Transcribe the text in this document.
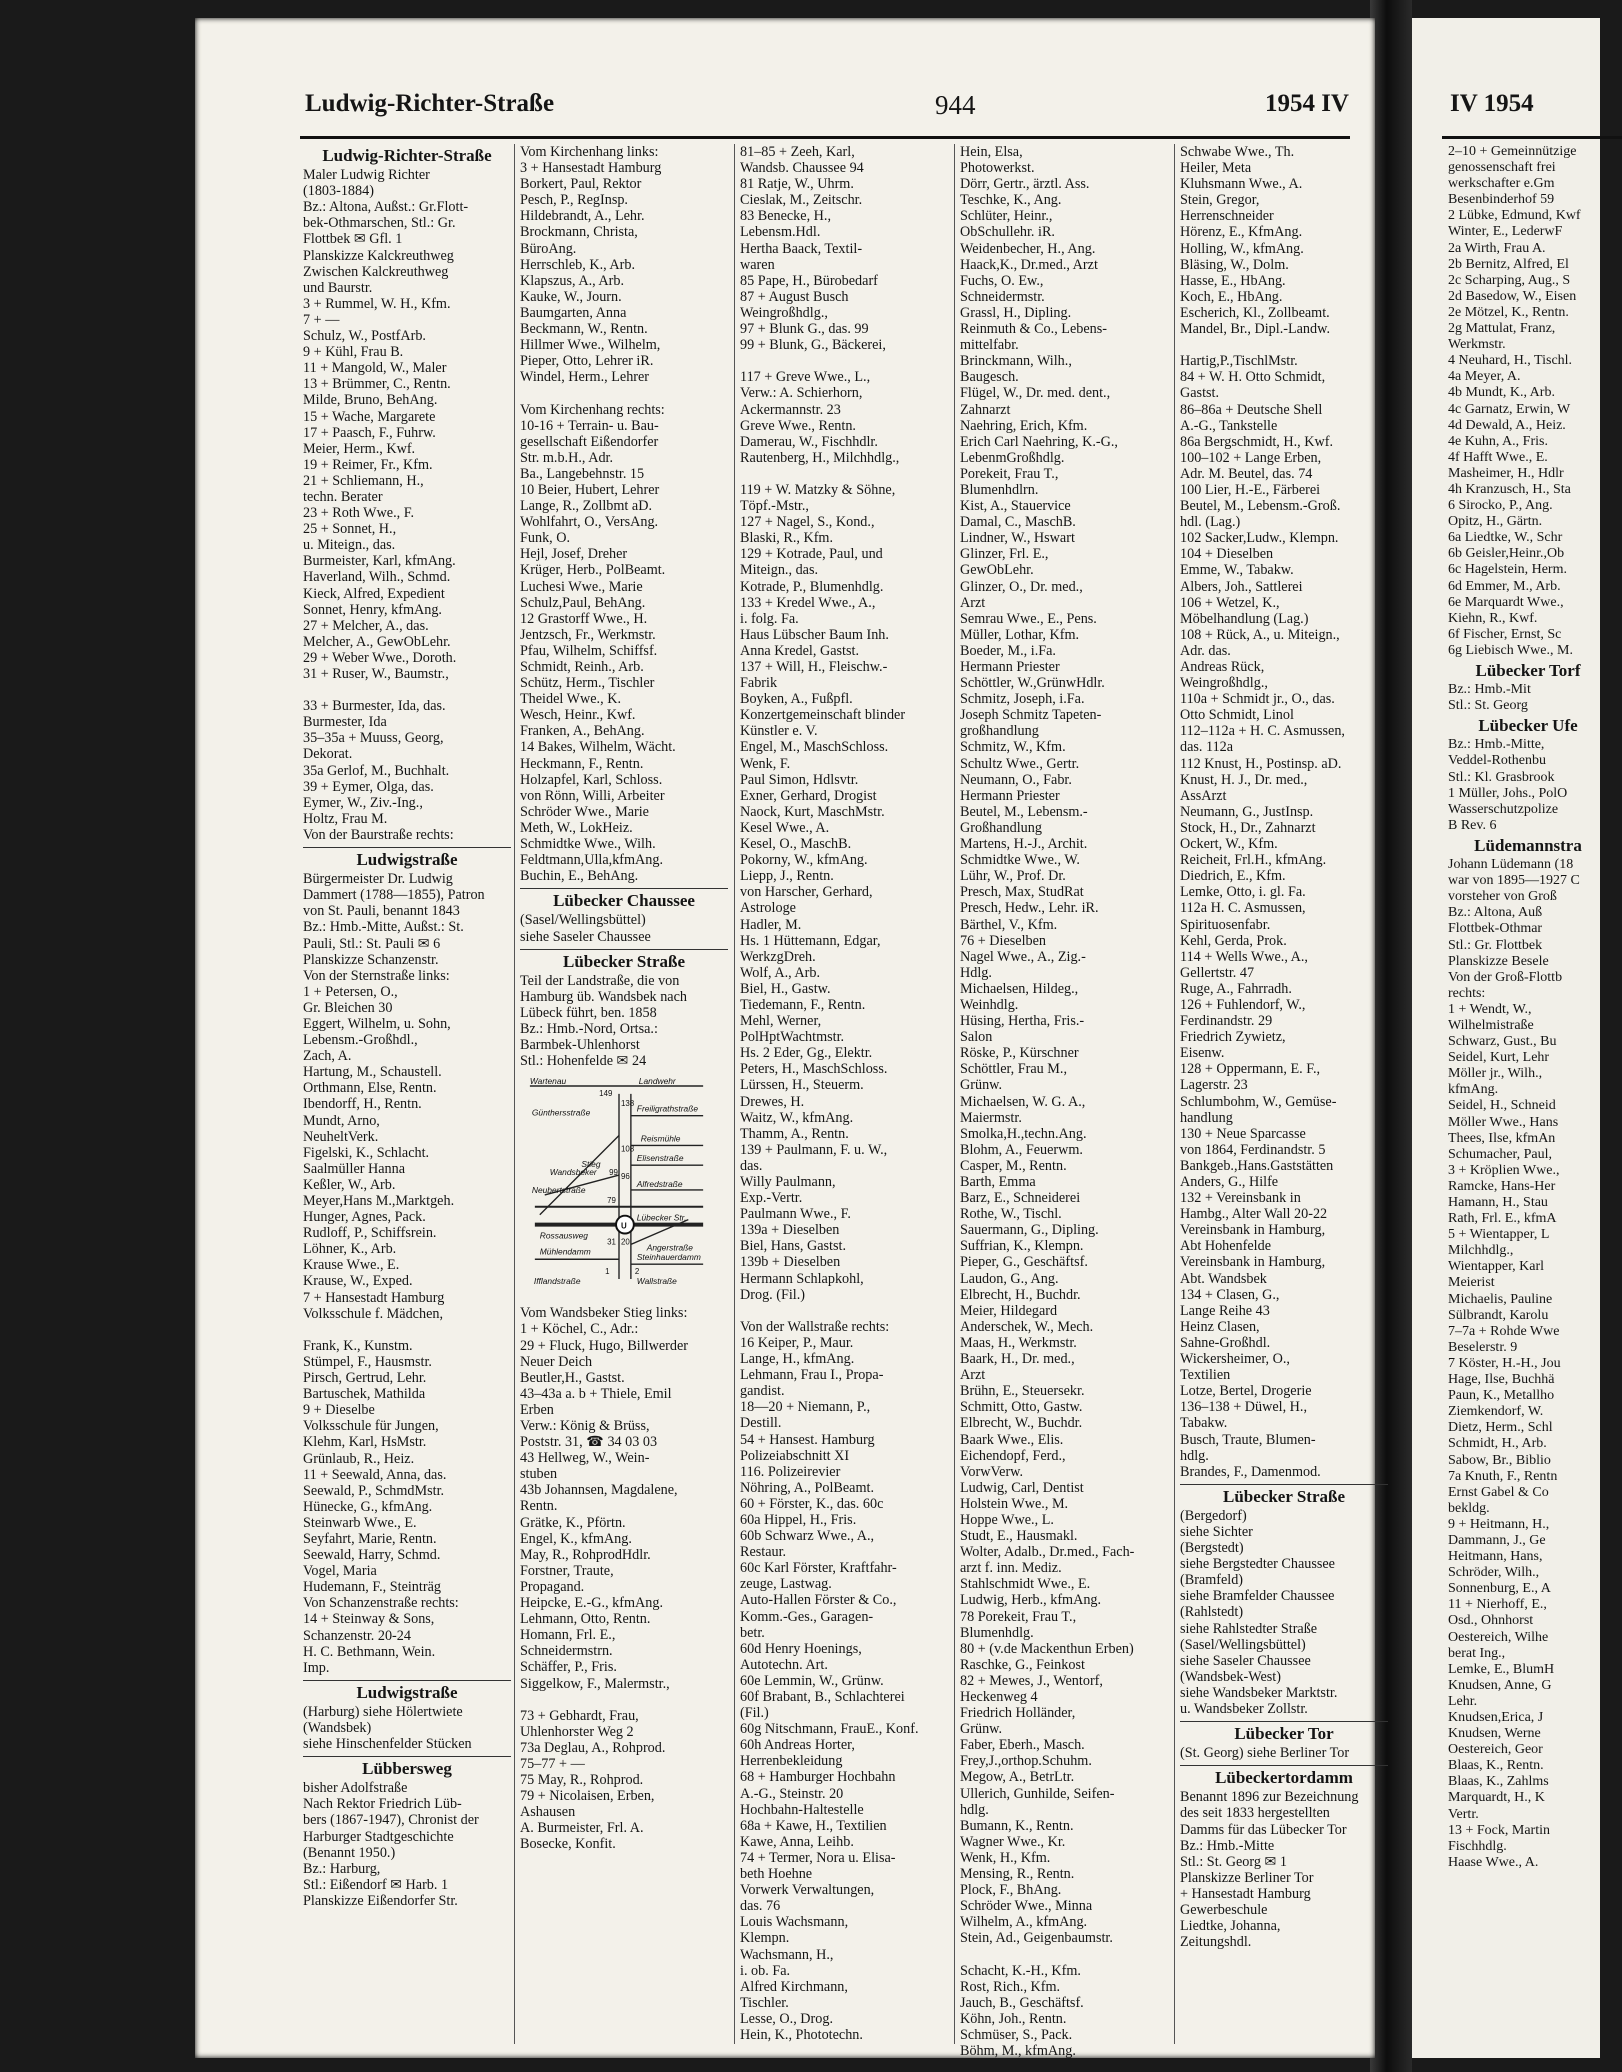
Ludwig-Richter-Straße	944	1954 IV
Ludwig-Richter-Straße
Maler Ludwig Richter
(1803-1884)
Bz.: Altona, Außst.: Gr.Flott-
bek-Othmarschen, Stl.: Gr.
Flottbek ✉ Gfl. 1
Planskizze Kalckreuthweg
Zwischen Kalckreuthweg
und Baurstr.
3 + Rummel, W. H., Kfm.
7 + —
Schulz, W., PostfArb.
9 + Kühl, Frau B.
11 + Mangold, W., Maler
13 + Brümmer, C., Rentn.
Milde, Bruno, BehAng.
15 + Wache, Margarete
17 + Paasch, F., Fuhrw.
Meier, Herm., Kwf.
19 + Reimer, Fr., Kfm.
21 + Schliemann, H.,
techn. Berater
23 + Roth Wwe., F.
25 + Sonnet, H.,
u. Miteign., das.
Burmeister, Karl, kfmAng.
Haverland, Wilh., Schmd.
Kieck, Alfred, Expedient
Sonnet, Henry, kfmAng.
27 + Melcher, A., das.
Melcher, A., GewObLehr.
29 + Weber Wwe., Doroth.
31 + Ruser, W., Baumstr.,

33 + Burmester, Ida, das.
Burmester, Ida
35–35a + Muuss, Georg,
Dekorat.
35a Gerlof, M., Buchhalt.
39 + Eymer, Olga, das.
Eymer, W., Ziv.-Ing.,
Holtz, Frau M.
Von der Baurstraße rechts:
Ludwigstraße
Bürgermeister Dr. Ludwig
Dammert (1788—1855), Patron
von St. Pauli, benannt 1843
Bz.: Hmb.-Mitte, Außst.: St.
Pauli, Stl.: St. Pauli ✉ 6
Planskizze Schanzenstr.
Von der Sternstraße links:
1 + Petersen, O.,
Gr. Bleichen 30
Eggert, Wilhelm, u. Sohn,
Lebensm.-Großhdl.,
Zach, A.
Hartung, M., Schaustell.
Orthmann, Else, Rentn.
Ibendorff, H., Rentn.
Mundt, Arno,
NeuheltVerk.
Figelski, K., Schlacht.
Saalmüller Hanna
Keßler, W., Arb.
Meyer,Hans M.,Marktgeh.
Hunger, Agnes, Pack.
Rudloff, P., Schiffsrein.
Löhner, K., Arb.
Krause Wwe., E.
Krause, W., Exped.
7 + Hansestadt Hamburg
Volksschule f. Mädchen,

Frank, K., Kunstm.
Stümpel, F., Hausmstr.
Pirsch, Gertrud, Lehr.
Bartuschek, Mathilda
9 + Dieselbe
Volksschule für Jungen,
Klehm, Karl, HsMstr.
Grünlaub, R., Heiz.
11 + Seewald, Anna, das.
Seewald, P., SchmdMstr.
Hünecke, G., kfmAng.
Steinwarb Wwe., E.
Seyfahrt, Marie, Rentn.
Seewald, Harry, Schmd.
Vogel, Maria
Hudemann, F., Steinträg
Von Schanzenstraße rechts:
14 + Steinway & Sons,
Schanzenstr. 20-24
H. C. Bethmann, Wein.
Imp.
Ludwigstraße
(Harburg) siehe Hölertwiete
(Wandsbek)
siehe Hinschenfelder Stücken
Lübbersweg
bisher Adolfstraße
Nach Rektor Friedrich Lüb-
bers (1867-1947), Chronist der
Harburger Stadtgeschichte
(Benannt 1950.)
Bz.: Harburg,
Stl.: Eißendorf ✉ Harb. 1
Planskizze Eißendorfer Str.
Vom Kirchenhang links:
3 + Hansestadt Hamburg
Borkert, Paul, Rektor
Pesch, P., RegInsp.
Hildebrandt, A., Lehr.
Brockmann, Christa,
BüroAng.
Herrschleb, K., Arb.
Klapszus, A., Arb.
Kauke, W., Journ.
Baumgarten, Anna
Beckmann, W., Rentn.
Hillmer Wwe., Wilhelm,
Pieper, Otto, Lehrer iR.
Windel, Herm., Lehrer

Vom Kirchenhang rechts:
10-16 + Terrain- u. Bau-
gesellschaft Eißendorfer
Str. m.b.H., Adr.
Ba., Langebehnstr. 15
10 Beier, Hubert, Lehrer
Lange, R., Zollbmt aD.
Wohlfahrt, O., VersAng.
Funk, O.
Hejl, Josef, Dreher
Krüger, Herb., PolBeamt.
Luchesi Wwe., Marie
Schulz,Paul, BehAng.
12 Grastorff Wwe., H.
Jentzsch, Fr., Werkmstr.
Pfau, Wilhelm, Schiffsf.
Schmidt, Reinh., Arb.
Schütz, Herm., Tischler
Theidel Wwe., K.
Wesch, Heinr., Kwf.
Franken, A., BehAng.
14 Bakes, Wilhelm, Wächt.
Heckmann, F., Rentn.
Holzapfel, Karl, Schloss.
von Rönn, Willi, Arbeiter
Schröder Wwe., Marie
Meth, W., LokHeiz.
Schmidtke Wwe., Wilh.
Feldtmann,Ulla,kfmAng.
Buchin, E., BehAng.
Lübecker Chaussee
(Sasel/Wellingsbüttel)
siehe Saseler Chaussee
Lübecker Straße
Teil der Landstraße, die von
Hamburg üb. Wandsbek nach
Lübeck führt, ben. 1858
Bz.: Hmb.-Nord, Ortsa.:
Barmbek-Uhlenhorst
Stl.: Hohenfelde ✉ 24
Wartenau	Landwehr
Günthersstraße	Freiligrathstraße
Reismühle
Wandsbeker
Stieg
Elisenstraße
Neubertstraße
Alfredstraße
Lübecker Str.
Rossausweg
Angerstraße
Mühlendamm
Steinhauerdamm
Ifflandstraße	Wallstraße
149
138
108
99 96
79
31 20
1	2
U
Vom Wandsbeker Stieg links:
1 + Köchel, C., Adr.:
29 + Fluck, Hugo, Billwerder
Neuer Deich
Beutler,H., Gastst.
43–43a a. b + Thiele, Emil
Erben
Verw.: König & Brüss,
Poststr. 31, ☎ 34 03 03
43 Hellweg, W., Wein-
stuben
43b Johannsen, Magdalene,
Rentn.
Grätke, K., Pförtn.
Engel, K., kfmAng.
May, R., RohprodHdlr.
Forstner, Traute,
Propagand.
Heipcke, E.-G., kfmAng.
Lehmann, Otto, Rentn.
Homann, Frl. E.,
Schneidermstrn.
Schäffer, P., Fris.
Siggelkow, F., Malermstr.,

73 + Gebhardt, Frau,
Uhlenhorster Weg 2
73a Deglau, A., Rohprod.
75–77 + —
75 May, R., Rohprod.
79 + Nicolaisen, Erben,
Ashausen
A. Burmeister, Frl. A.
Bosecke, Konfit.
81–85 + Zeeh, Karl,
Wandsb. Chaussee 94
81 Ratje, W., Uhrm.
Cieslak, M., Zeitschr.
83 Benecke, H.,
Lebensm.Hdl.
Hertha Baack, Textil-
waren
85 Pape, H., Bürobedarf
87 + August Busch
Weingroßhdlg.,
97 + Blunk G., das. 99
99 + Blunk, G., Bäckerei,

117 + Greve Wwe., L.,
Verw.: A. Schierhorn,
Ackermannstr. 23
Greve Wwe., Rentn.
Damerau, W., Fischhdlr.
Rautenberg, H., Milchhdlg.,

119 + W. Matzky & Söhne,
Töpf.-Mstr.,
127 + Nagel, S., Kond.,
Blaski, R., Kfm.
129 + Kotrade, Paul, und
Miteign., das.
Kotrade, P., Blumenhdlg.
133 + Kredel Wwe., A.,
i. folg. Fa.
Haus Lübscher Baum Inh.
Anna Kredel, Gastst.
137 + Will, H., Fleischw.-
Fabrik
Boyken, A., Fußpfl.
Konzertgemeinschaft blinder
Künstler e. V.
Engel, M., MaschSchloss.
Wenk, F.
Paul Simon, Hdlsvtr.
Exner, Gerhard, Drogist
Naock, Kurt, MaschMstr.
Kesel Wwe., A.
Kesel, O., MaschB.
Pokorny, W., kfmAng.
Liepp, J., Rentn.
von Harscher, Gerhard,
Astrologe
Hadler, M.
Hs. 1 Hüttemann, Edgar,
WerkzgDreh.
Wolf, A., Arb.
Biel, H., Gastw.
Tiedemann, F., Rentn.
Mehl, Werner,
PolHptWachtmstr.
Hs. 2 Eder, Gg., Elektr.
Peters, H., MaschSchloss.
Lürssen, H., Steuerm.
Drewes, H.
Waitz, W., kfmAng.
Thamm, A., Rentn.
139 + Paulmann, F. u. W.,
das.
Willy Paulmann,
Exp.-Vertr.
Paulmann Wwe., F.
139a + Dieselben
Biel, Hans, Gastst.
139b + Dieselben
Hermann Schlapkohl,
Drog. (Fil.)

Von der Wallstraße rechts:
16 Keiper, P., Maur.
Lange, H., kfmAng.
Lehmann, Frau I., Propa-
gandist.
18—20 + Niemann, P.,
Destill.
54 + Hansest. Hamburg
Polizeiabschnitt XI
116. Polizeirevier
Nöhring, A., PolBeamt.
60 + Förster, K., das. 60c
60a Hippel, H., Fris.
60b Schwarz Wwe., A.,
Restaur.
60c Karl Förster, Kraftfahr-
zeuge, Lastwag.
Auto-Hallen Förster & Co.,
Komm.-Ges., Garagen-
betr.
60d Henry Hoenings,
Autotechn. Art.
60e Lemmin, W., Grünw.
60f Brabant, B., Schlachterei
(Fil.)
60g Nitschmann, FrauE., Konf.
60h Andreas Horter,
Herrenbekleidung
68 + Hamburger Hochbahn
A.-G., Steinstr. 20
Hochbahn-Haltestelle
68a + Kawe, H., Textilien
Kawe, Anna, Leihb.
74 + Termer, Nora u. Elisa-
beth Hoehne
Vorwerk Verwaltungen,
das. 76
Louis Wachsmann,
Klempn.
Wachsmann, H.,
i. ob. Fa.
Alfred Kirchmann,
Tischler.
Lesse, O., Drog.
Hein, K., Phototechn.
Hein, Elsa,
Photowerkst.
Dörr, Gertr., ärztl. Ass.
Teschke, K., Ang.
Schlüter, Heinr.,
ObSchullehr. iR.
Weidenbecher, H., Ang.
Haack,K., Dr.med., Arzt
Fuchs, O. Ew.,
Schneidermstr.
Grassl, H., Dipling.
Reinmuth & Co., Lebens-
mittelfabr.
Brinckmann, Wilh.,
Baugesch.
Flügel, W., Dr. med. dent.,
Zahnarzt
Naehring, Erich, Kfm.
Erich Carl Naehring, K.-G.,
LebenmGroßhdlg.
Porekeit, Frau T.,
Blumenhdlrn.
Kist, A., Stauervice
Damal, C., MaschB.
Lindner, W., Hswart
Glinzer, Frl. E.,
GewObLehr.
Glinzer, O., Dr. med.,
Arzt
Semrau Wwe., E., Pens.
Müller, Lothar, Kfm.
Boeder, M., i.Fa.
Hermann Priester
Schöttler, W.,GrünwHdlr.
Schmitz, Joseph, i.Fa.
Joseph Schmitz Tapeten-
großhandlung
Schmitz, W., Kfm.
Schultz Wwe., Gertr.
Neumann, O., Fabr.
Hermann Priester
Beutel, M., Lebensm.-
Großhandlung
Martens, H.-J., Archit.
Schmidtke Wwe., W.
Lühr, W., Prof. Dr.
Presch, Max, StudRat
Presch, Hedw., Lehr. iR.
Bärthel, V., Kfm.
76 + Dieselben
Nagel Wwe., A., Zig.-
Hdlg.
Michaelsen, Hildeg.,
Weinhdlg.
Hüsing, Hertha, Fris.-
Salon
Röske, P., Kürschner
Schöttler, Frau M.,
Grünw.
Michaelsen, W. G. A.,
Maiermstr.
Smolka,H.,techn.Ang.
Blohm, A., Feuerwm.
Casper, M., Rentn.
Barth, Emma
Barz, E., Schneiderei
Rothe, W., Tischl.
Sauermann, G., Dipling.
Suffrian, K., Klempn.
Pieper, G., Geschäftsf.
Laudon, G., Ang.
Elbrecht, H., Buchdr.
Meier, Hildegard
Anderschek, W., Mech.
Maas, H., Werkmstr.
Baark, H., Dr. med.,
Arzt
Brühn, E., Steuersekr.
Schmitt, Otto, Gastw.
Elbrecht, W., Buchdr.
Baark Wwe., Elis.
Eichendopf, Ferd.,
VorwVerw.
Ludwig, Carl, Dentist
Holstein Wwe., M.
Hoppe Wwe., L.
Studt, E., Hausmakl.
Wolter, Adalb., Dr.med., Fach-
arzt f. inn. Mediz.
Stahlschmidt Wwe., E.
Ludwig, Herb., kfmAng.
78 Porekeit, Frau T.,
Blumenhdlg.
80 + (v.de Mackenthun Erben)
Raschke, G., Feinkost
82 + Mewes, J., Wentorf,
Heckenweg 4
Friedrich Holländer,
Grünw.
Faber, Eberh., Masch.
Frey,J.,orthop.Schuhm.
Megow, A., BetrLtr.
Ullerich, Gunhilde, Seifen-
hdlg.
Bumann, K., Rentn.
Wagner Wwe., Kr.
Wenk, H., Kfm.
Mensing, R., Rentn.
Plock, F., BhAng.
Schröder Wwe., Minna
Wilhelm, A., kfmAng.
Stein, Ad., Geigenbaumstr.

Schacht, K.-H., Kfm.
Rost, Rich., Kfm.
Jauch, B., Geschäftsf.
Köhn, Joh., Rentn.
Schmüser, S., Pack.
Böhm, M., kfmAng.
Schwabe Wwe., Th.
Heiler, Meta
Kluhsmann Wwe., A.
Stein, Gregor,
Herrenschneider
Hörenz, E., KfmAng.
Holling, W., kfmAng.
Bläsing, W., Dolm.
Hasse, E., HbAng.
Koch, E., HbAng.
Escherich, Kl., Zollbeamt.
Mandel, Br., Dipl.-Landw.

Hartig,P.,TischlMstr.
84 + W. H. Otto Schmidt,
Gastst.
86–86a + Deutsche Shell
A.-G., Tankstelle
86a Bergschmidt, H., Kwf.
100–102 + Lange Erben,
Adr. M. Beutel, das. 74
100 Lier, H.-E., Färberei
Beutel, M., Lebensm.-Groß.
hdl. (Lag.)
102 Sacker,Ludw., Klempn.
104 + Dieselben
Emme, W., Tabakw.
Albers, Joh., Sattlerei
106 + Wetzel, K.,
Möbelhandlung (Lag.)
108 + Rück, A., u. Miteign.,
Adr. das.
Andreas Rück,
Weingroßhdlg.,
110a + Schmidt jr., O., das.
Otto Schmidt, Linol
112–112a + H. C. Asmussen,
das. 112a
112 Knust, H., Postinsp. aD.
Knust, H. J., Dr. med.,
AssArzt
Neumann, G., JustInsp.
Stock, H., Dr., Zahnarzt
Ockert, W., Kfm.
Reicheit, Frl.H., kfmAng.
Diedrich, E., Kfm.
Lemke, Otto, i. gl. Fa.
112a H. C. Asmussen,
Spirituosenfabr.
Kehl, Gerda, Prok.
114 + Wells Wwe., A.,
Gellertstr. 47
Ruge, A., Fahrradh.
126 + Fuhlendorf, W.,
Ferdinandstr. 29
Friedrich Zywietz,
Eisenw.
128 + Oppermann, E. F.,
Lagerstr. 23
Schlumbohm, W., Gemüse-
handlung
130 + Neue Sparcasse
von 1864, Ferdinandstr. 5
Bankgeb.,Hans.Gaststätten
Anders, G., Hilfe
132 + Vereinsbank in
Hambg., Alter Wall 20-22
Vereinsbank in Hamburg,
Abt Hohenfelde
Vereinsbank in Hamburg,
Abt. Wandsbek
134 + Clasen, G.,
Lange Reihe 43
Heinz Clasen,
Sahne-Großhdl.
Wickersheimer, O.,
Textilien
Lotze, Bertel, Drogerie
136–138 + Düwel, H.,
Tabakw.
Busch, Traute, Blumen-
hdlg.
Brandes, F., Damenmod.
Lübecker Straße
(Bergedorf)
siehe Sichter
(Bergstedt)
siehe Bergstedter Chaussee
(Bramfeld)
siehe Bramfelder Chaussee
(Rahlstedt)
siehe Rahlstedter Straße
(Sasel/Wellingsbüttel)
siehe Saseler Chaussee
(Wandsbek-West)
siehe Wandsbeker Marktstr.
u. Wandsbeker Zollstr.
Lübecker Tor
(St. Georg) siehe Berliner Tor
Lübeckertordamm
Benannt 1896 zur Bezeichnung
des seit 1833 hergestellten
Damms für das Lübecker Tor
Bz.: Hmb.-Mitte
Stl.: St. Georg ✉ 1
Planskizze Berliner Tor
+ Hansestadt Hamburg
Gewerbeschule
Liedtke, Johanna,
Zeitungshdl.
IV 1954
2–10 + Gemeinnützige
genossenschaft frei
werkschafter e.Gm
Besenbinderhof 59
2 Lübke, Edmund, Kwf
Winter, E., LederwF
2a Wirth, Frau A.
2b Bernitz, Alfred, El
2c Scharping, Aug., S
2d Basedow, W., Eisen
2e Mötzel, K., Rentn.
2g Mattulat, Franz,
Werkmstr.
4 Neuhard, H., Tischl.
4a Meyer, A.
4b Mundt, K., Arb.
4c Garnatz, Erwin, W
4d Dewald, A., Heiz.
4e Kuhn, A., Fris.
4f Hafft Wwe., E.
Masheimer, H., Hdlr
4h Kranzusch, H., Sta
6 Sirocko, P., Ang.
Opitz, H., Gärtn.
6a Liedtke, W., Schr
6b Geisler,Heinr.,Ob
6c Hagelstein, Herm.
6d Emmer, M., Arb.
6e Marquardt Wwe.,
Kiehn, R., Kwf.
6f Fischer, Ernst, Sc
6g Liebisch Wwe., M.
Lübecker Torf
Bz.: Hmb.-Mit
Stl.: St. Georg
Lübecker Ufe
Bz.: Hmb.-Mitte,
Veddel-Rothenbu
Stl.: Kl. Grasbrook
1 Müller, Johs., PolO
Wasserschutzpolize
B Rev. 6
Lüdemannstra
Johann Lüdemann (18
war von 1895—1927 C
vorsteher von Groß
Bz.: Altona, Auß
Flottbek-Othmar
Stl.: Gr. Flottbek
Planskizze Besele
Von der Groß-Flottb
rechts:
1 + Wendt, W.,
Wilhelmistraße
Schwarz, Gust., Bu
Seidel, Kurt, Lehr
Möller jr., Wilh.,
kfmAng.
Seidel, H., Schneid
Möller Wwe., Hans
Thees, Ilse, kfmAn
Schumacher, Paul,
3 + Kröplien Wwe.,
Ramcke, Hans-Her
Hamann, H., Stau
Rath, Frl. E., kfmA
5 + Wientapper, L
Milchhdlg.,
Wientapper, Karl
Meierist
Michaelis, Pauline
Sülbrandt, Karolu
7–7a + Rohde Wwe
Beselerstr. 9
7 Köster, H.-H., Jou
Hage, Ilse, Buchhä
Paun, K., Metallho
Ziemkendorf, W.
Dietz, Herm., Schl
Schmidt, H., Arb.
Sabow, Br., Biblio
7a Knuth, F., Rentn
Ernst Gabel & Co
bekldg.
9 + Heitmann, H.,
Dammann, J., Ge
Heitmann, Hans,
Schröder, Wilh.,
Sonnenburg, E., A
11 + Nierhoff, E.,
Osd., Ohnhorst
Oestereich, Wilhe
berat Ing.,
Lemke, E., BlumH
Knudsen, Anne, G
Lehr.
Knudsen,Erica, J
Knudsen, Werne
Oestereich, Geor
Blaas, K., Rentn.
Blaas, K., Zahlms
Marquardt, H., K
Vertr.
13 + Fock, Martin
Fischhdlg.
Haase Wwe., A.
